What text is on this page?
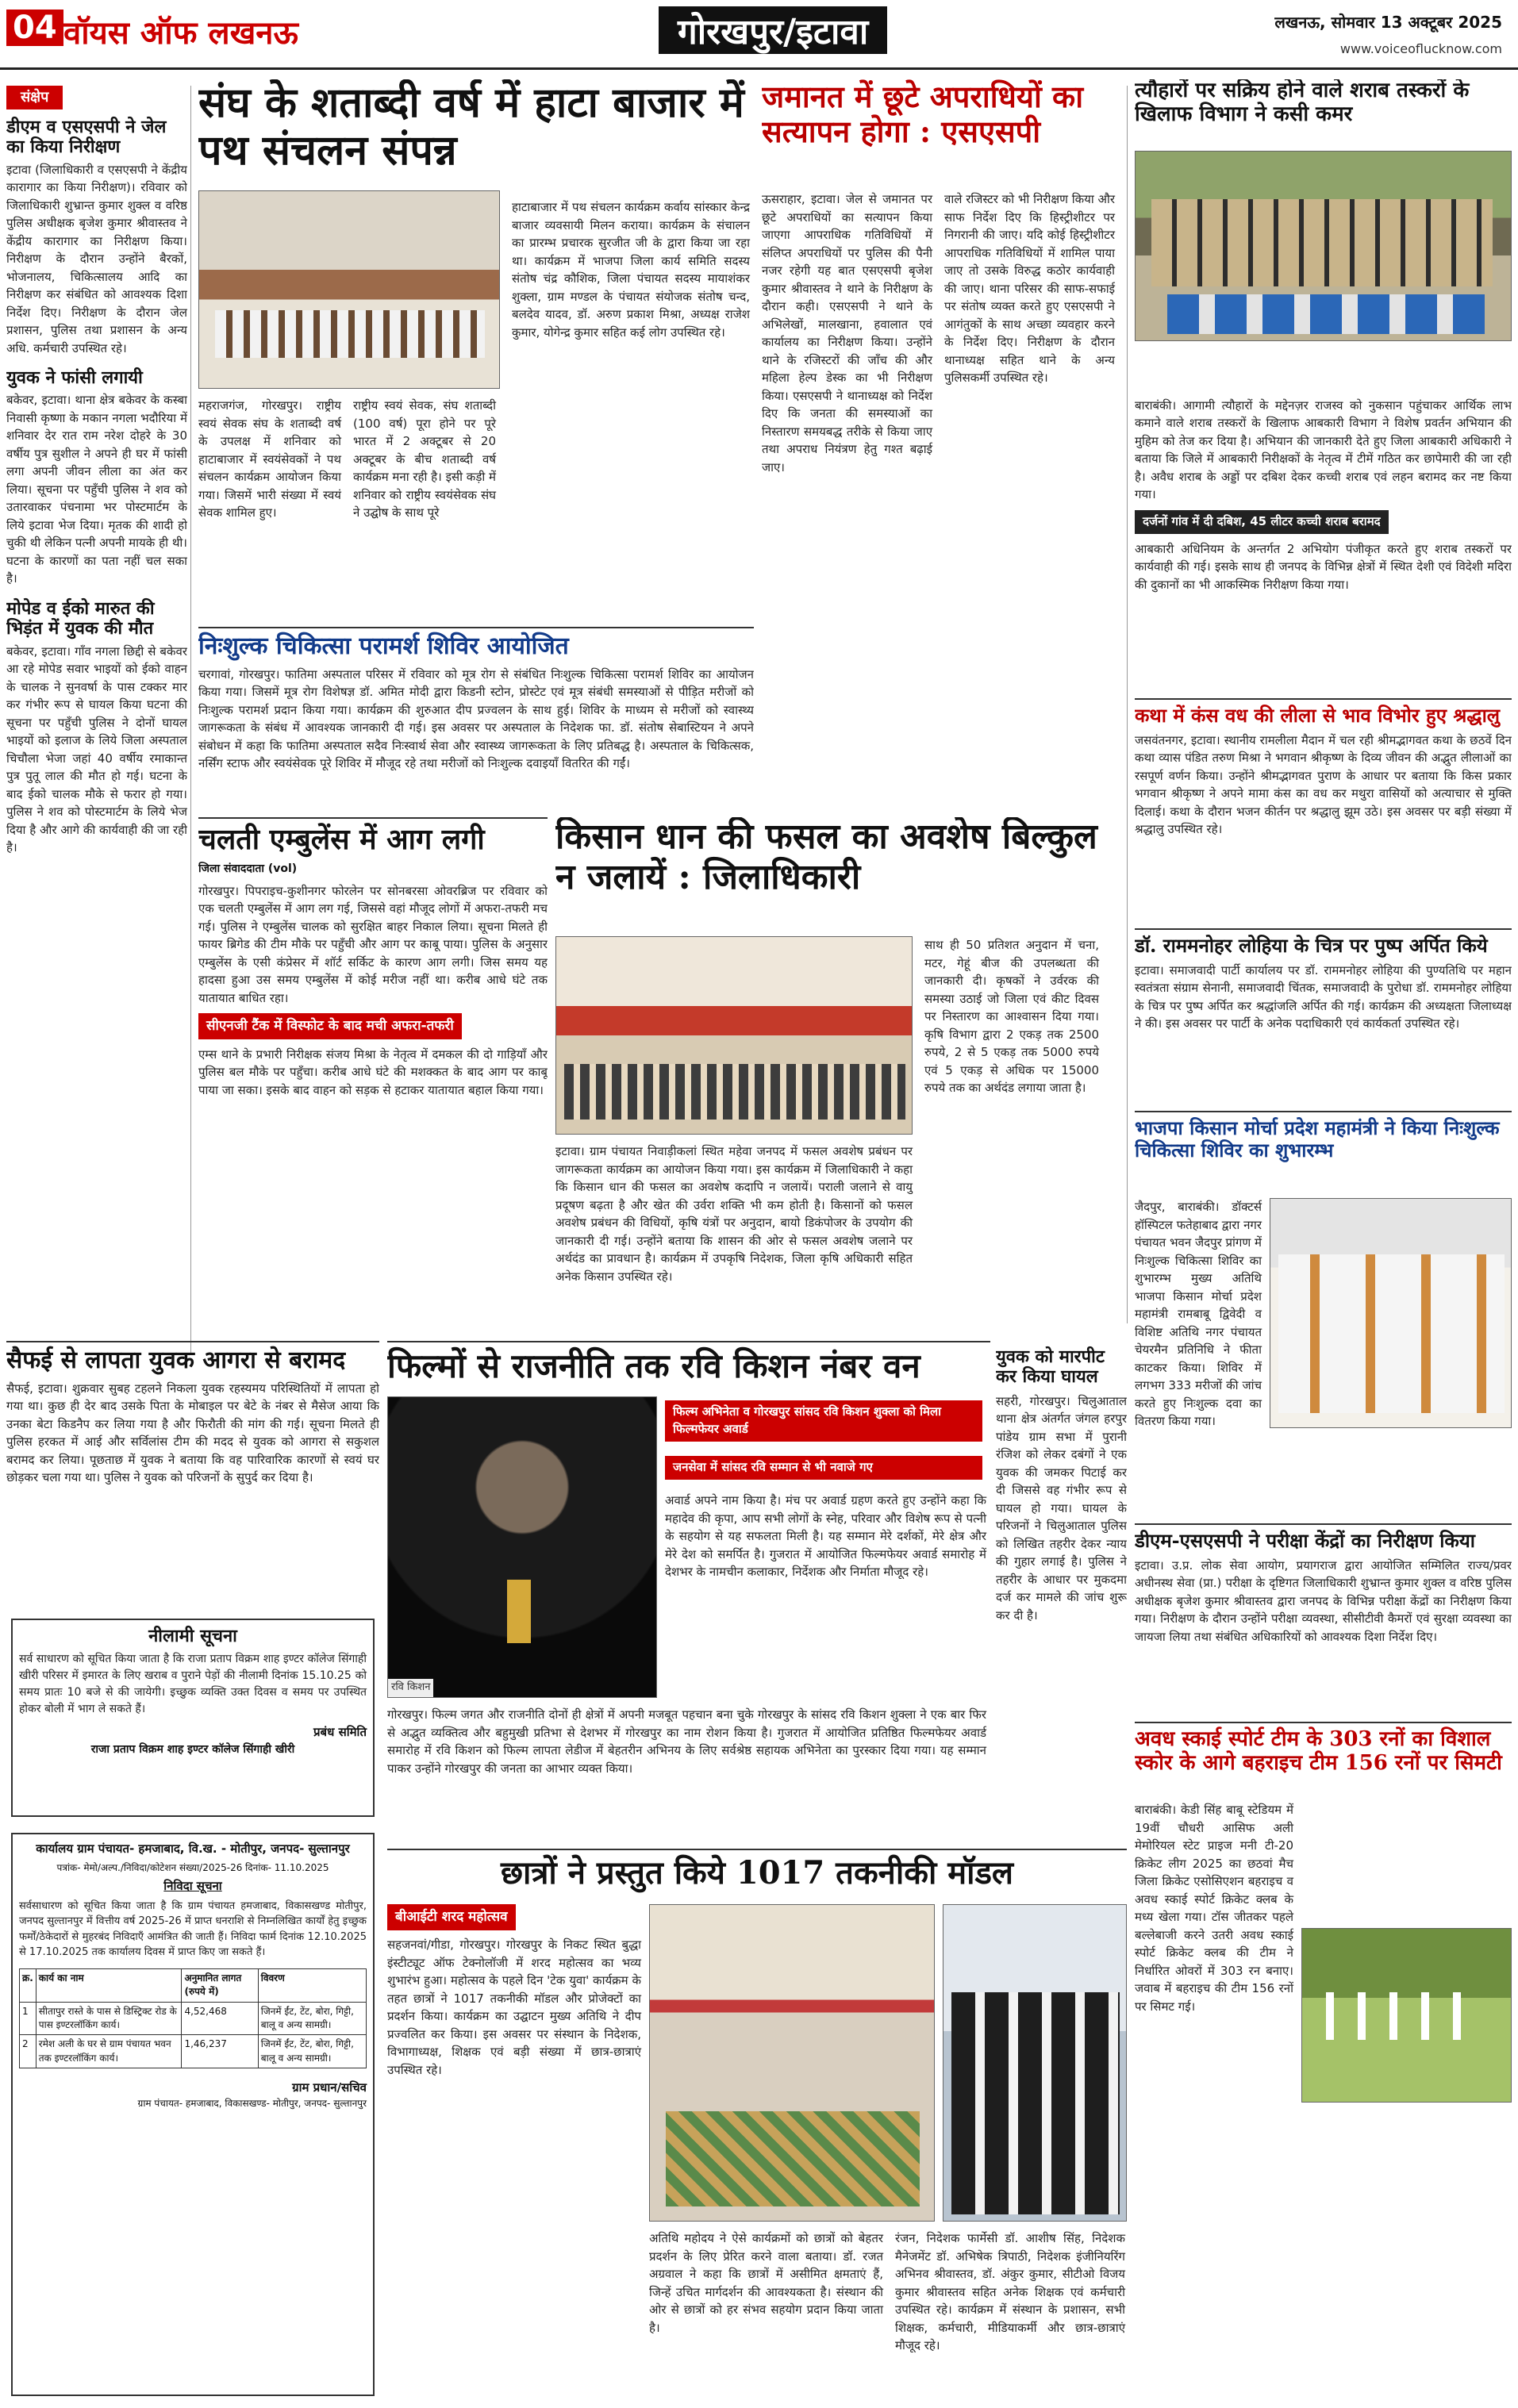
04 वॉयस ऑफ लखनऊ	गोरखपुर/इटावा	लखनऊ, सोमवार 13 अक्टूबर 2025
www.voiceoflucknow.com
संक्षेप
डीएम व एसएसपी ने जेल का किया निरीक्षण
इटावा (जिलाधिकारी व एसएसपी ने केंद्रीय कारागार का किया निरीक्षण)। रविवार को जिलाधिकारी शुभ्रान्त कुमार शुक्ल व वरिष्ठ पुलिस अधीक्षक बृजेश कुमार श्रीवास्तव ने केंद्रीय कारागार का निरीक्षण किया। निरीक्षण के दौरान उन्होंने बैरकों, भोजनालय, चिकित्सालय आदि का निरीक्षण कर संबंधित को आवश्यक दिशा निर्देश दिए। निरीक्षण के दौरान जेल प्रशासन, पुलिस तथा प्रशासन के अन्य अधि. कर्मचारी उपस्थित रहे।
युवक ने फांसी लगायी
बकेवर, इटावा। थाना क्षेत्र बकेवर के कस्बा निवासी कृष्णा के मकान नगला भदौरिया में शनिवार देर रात राम नरेश दोहरे के 30 वर्षीय पुत्र सुशील ने अपने ही घर में फांसी लगा अपनी जीवन लीला का अंत कर लिया। सूचना पर पहुँची पुलिस ने शव को उतारवाकर पंचनामा भर पोस्टमार्टम के लिये इटावा भेज दिया। मृतक की शादी हो चुकी थी लेकिन पत्नी अपनी मायके ही थी। घटना के कारणों का पता नहीं चल सका है।
मोपेड व ईको मारुत की भिड़ंत में युवक की मौत
बकेवर, इटावा। गाँव नगला छिद्दी से बकेवर आ रहे मोपेड सवार भाइयों को ईको वाहन के चालक ने सुनवर्षा के पास टक्कर मार कर गंभीर रूप से घायल किया घटना की सूचना पर पहुँची पुलिस ने दोनों घायल भाइयों को इलाज के लिये जिला अस्पताल चिचौला भेजा जहां 40 वर्षीय रमाकान्त पुत्र पुतू लाल की मौत हो गई। घटना के बाद ईको चालक मौके से फरार हो गया। पुलिस ने शव को पोस्टमार्टम के लिये भेज दिया है और आगे की कार्यवाही की जा रही है।
संघ के शताब्दी वर्ष में हाटा बाजार में पथ संचलन संपन्न
महराजगंज, गोरखपुर। राष्ट्रीय स्वयं सेवक संघ के शताब्दी वर्ष के उपलक्ष में शनिवार को हाटाबाजार में स्वयंसेवकों ने पथ संचलन कार्यक्रम आयोजन किया गया। जिसमें भारी संख्या में स्वयं सेवक शामिल हुए।
राष्ट्रीय स्वयं सेवक, संघ शताब्दी (100 वर्ष) पूरा होने पर पूरे भारत में 2 अक्टूबर से 20 अक्टूबर के बीच शताब्दी वर्ष कार्यक्रम मना रही है। इसी कड़ी में शनिवार को राष्ट्रीय स्वयंसेवक संघ ने उद्घोष के साथ पूरे
हाटाबाजार में पथ संचलन कार्यक्रम कर्वाय सांस्कार केन्द्र बाजार व्यवसायी मिलन कराया। कार्यक्रम के संचालन का प्रारम्भ प्रचारक सुरजीत जी के द्वारा किया जा रहा था। कार्यक्रम में भाजपा जिला कार्य समिति सदस्य संतोष चंद्र कौशिक, जिला पंचायत सदस्य मायाशंकर शुक्ला, ग्राम मण्डल के पंचायत संयोजक संतोष चन्द, बलदेव यादव, डॉ. अरुण प्रकाश मिश्रा, अध्यक्ष राजेश कुमार, योगेन्द्र कुमार सहित कई लोग उपस्थित रहे।
निःशुल्क चिकित्सा परामर्श शिविर आयोजित
चरगावां, गोरखपुर। फातिमा अस्पताल परिसर में रविवार को मूत्र रोग से संबंधित निःशुल्क चिकित्सा परामर्श शिविर का आयोजन किया गया। जिसमें मूत्र रोग विशेषज्ञ डॉ. अमित मोदी द्वारा किडनी स्टोन, प्रोस्टेट एवं मूत्र संबंधी समस्याओं से पीड़ित मरीजों को निःशुल्क परामर्श प्रदान किया गया। कार्यक्रम की शुरुआत दीप प्रज्वलन के साथ हुई। शिविर के माध्यम से मरीजों को स्वास्थ्य जागरूकता के संबंध में आवश्यक जानकारी दी गई। इस अवसर पर अस्पताल के निदेशक फा. डॉ. संतोष सेबास्टियन ने अपने संबोधन में कहा कि फातिमा अस्पताल सदैव निःस्वार्थ सेवा और स्वास्थ्य जागरूकता के लिए प्रतिबद्ध है। अस्पताल के चिकित्सक, नर्सिंग स्टाफ और स्वयंसेवक पूरे शिविर में मौजूद रहे तथा मरीजों को निःशुल्क दवाइयाँ वितरित की गईं।
चलती एम्बुलेंस में आग लगी
जिला संवाददाता (vol)
गोरखपुर। पिपराइच-कुशीनगर फोरलेन पर सोनबरसा ओवरब्रिज पर रविवार को एक चलती एम्बुलेंस में आग लग गई, जिससे वहां मौजूद लोगों में अफरा-तफरी मच गई। पुलिस ने एम्बुलेंस चालक को सुरक्षित बाहर निकाल लिया। सूचना मिलते ही फायर ब्रिगेड की टीम मौके पर पहुँची और आग पर काबू पाया। पुलिस के अनुसार एम्बुलेंस के एसी कंप्रेसर में शॉर्ट सर्किट के कारण आग लगी। जिस समय यह हादसा हुआ उस समय एम्बुलेंस में कोई मरीज नहीं था। करीब आधे घंटे तक यातायात बाधित रहा।
सीएनजी टैंक में विस्फोट के बाद मची अफरा-तफरी
एम्स थाने के प्रभारी निरीक्षक संजय मिश्रा के नेतृत्व में दमकल की दो गाड़ियाँ और पुलिस बल मौके पर पहुँचा। करीब आधे घंटे की मशक्कत के बाद आग पर काबू पाया जा सका। इसके बाद वाहन को सड़क से हटाकर यातायात बहाल किया गया।
किसान धान की फसल का अवशेष बिल्कुल न जलायें : जिलाधिकारी
इटावा। ग्राम पंचायत निवाड़ीकलां स्थित महेवा जनपद में फसल अवशेष प्रबंधन पर जागरूकता कार्यक्रम का आयोजन किया गया। इस कार्यक्रम में जिलाधिकारी ने कहा कि किसान धान की फसल का अवशेष कदापि न जलायें। पराली जलाने से वायु प्रदूषण बढ़ता है और खेत की उर्वरा शक्ति भी कम होती है। किसानों को फसल अवशेष प्रबंधन की विधियों, कृषि यंत्रों पर अनुदान, बायो डिकंपोजर के उपयोग की जानकारी दी गई। उन्होंने बताया कि शासन की ओर से फसल अवशेष जलाने पर अर्थदंड का प्रावधान है। कार्यक्रम में उपकृषि निदेशक, जिला कृषि अधिकारी सहित अनेक किसान उपस्थित रहे।
साथ ही 50 प्रतिशत अनुदान में चना, मटर, गेहूं बीज की उपलब्धता की जानकारी दी। कृषकों ने उर्वरक की समस्या उठाई जो जिला एवं कीट दिवस पर निस्तारण का आश्वासन दिया गया। कृषि विभाग द्वारा 2 एकड़ तक 2500 रुपये, 2 से 5 एकड़ तक 5000 रुपये एवं 5 एकड़ से अधिक पर 15000 रुपये तक का अर्थदंड लगाया जाता है।
जमानत में छूटे अपराधियों का सत्यापन होगा : एसएसपी
ऊसराहार, इटावा। जेल से जमानत पर छूटे अपराधियों का सत्यापन किया जाएगा आपराधिक गतिविधियों में संलिप्त अपराधियों पर पुलिस की पैनी नजर रहेगी यह बात एसएसपी बृजेश कुमार श्रीवास्तव ने थाने के निरीक्षण के दौरान कही। एसएसपी ने थाने के अभिलेखों, मालखाना, हवालात एवं कार्यालय का निरीक्षण किया। उन्होंने थाने के रजिस्टरों की जाँच की और महिला हेल्प डेस्क का भी निरीक्षण किया। एसएसपी ने थानाध्यक्ष को निर्देश दिए कि जनता की समस्याओं का निस्तारण समयबद्ध तरीके से किया जाए तथा अपराध नियंत्रण हेतु गश्त बढ़ाई जाए।
वाले रजिस्टर को भी निरीक्षण किया और साफ निर्देश दिए कि हिस्ट्रीशीटर पर निगरानी की जाए। यदि कोई हिस्ट्रीशीटर आपराधिक गतिविधियों में शामिल पाया जाए तो उसके विरुद्ध कठोर कार्यवाही की जाए। थाना परिसर की साफ-सफाई पर संतोष व्यक्त करते हुए एसएसपी ने आगंतुकों के साथ अच्छा व्यवहार करने के निर्देश दिए। निरीक्षण के दौरान थानाध्यक्ष सहित थाने के अन्य पुलिसकर्मी उपस्थित रहे।
त्यौहारों पर सक्रिय होने वाले शराब तस्करों के खिलाफ विभाग ने कसी कमर
बाराबंकी। आगामी त्यौहारों के मद्देनज़र राजस्व को नुकसान पहुंचाकर आर्थिक लाभ कमाने वाले शराब तस्करों के खिलाफ आबकारी विभाग ने विशेष प्रवर्तन अभियान की मुहिम को तेज कर दिया है। अभियान की जानकारी देते हुए जिला आबकारी अधिकारी ने बताया कि जिले में आबकारी निरीक्षकों के नेतृत्व में टीमें गठित कर छापेमारी की जा रही है। अवैध शराब के अड्डों पर दबिश देकर कच्ची शराब एवं लहन बरामद कर नष्ट किया गया।
दर्जनों गांव में दी दबिश, 45 लीटर कच्ची शराब बरामद
आबकारी अधिनियम के अन्तर्गत 2 अभियोग पंजीकृत करते हुए शराब तस्करों पर कार्यवाही की गई। इसके साथ ही जनपद के विभिन्न क्षेत्रों में स्थित देशी एवं विदेशी मदिरा की दुकानों का भी आकस्मिक निरीक्षण किया गया।
कथा में कंस वध की लीला से भाव विभोर हुए श्रद्धालु
जसवंतनगर, इटावा। स्थानीय रामलीला मैदान में चल रही श्रीमद्भागवत कथा के छठवें दिन कथा व्यास पंडित तरुण मिश्रा ने भगवान श्रीकृष्ण के दिव्य जीवन की अद्भुत लीलाओं का रसपूर्ण वर्णन किया। उन्होंने श्रीमद्भागवत पुराण के आधार पर बताया कि किस प्रकार भगवान श्रीकृष्ण ने अपने मामा कंस का वध कर मथुरा वासियों को अत्याचार से मुक्ति दिलाई। कथा के दौरान भजन कीर्तन पर श्रद्धालु झूम उठे। इस अवसर पर बड़ी संख्या में श्रद्धालु उपस्थित रहे।
डॉ. राममनोहर लोहिया के चित्र पर पुष्प अर्पित किये
इटावा। समाजवादी पार्टी कार्यालय पर डॉ. राममनोहर लोहिया की पुण्यतिथि पर महान स्वतंत्रता संग्राम सेनानी, समाजवादी चिंतक, समाजवादी के पुरोधा डॉ. राममनोहर लोहिया के चित्र पर पुष्प अर्पित कर श्रद्धांजलि अर्पित की गई। कार्यक्रम की अध्यक्षता जिलाध्यक्ष ने की। इस अवसर पर पार्टी के अनेक पदाधिकारी एवं कार्यकर्ता उपस्थित रहे।
भाजपा किसान मोर्चा प्रदेश महामंत्री ने किया निःशुल्क चिकित्सा शिविर का शुभारम्भ
जैदपुर, बाराबंकी। डॉक्टर्स हॉस्पिटल फतेहाबाद द्वारा नगर पंचायत भवन जैदपुर प्रांगण में निःशुल्क चिकित्सा शिविर का शुभारम्भ मुख्य अतिथि भाजपा किसान मोर्चा प्रदेश महामंत्री रामबाबू द्विवेदी व विशिष्ट अतिथि नगर पंचायत चेयरमैन प्रतिनिधि ने फीता काटकर किया। शिविर में लगभग 333 मरीजों की जांच करते हुए निःशुल्क दवा का वितरण किया गया।
डीएम-एसएसपी ने परीक्षा केंद्रों का निरीक्षण किया
इटावा। उ.प्र. लोक सेवा आयोग, प्रयागराज द्वारा आयोजित सम्मिलित राज्य/प्रवर अधीनस्थ सेवा (प्रा.) परीक्षा के दृष्टिगत जिलाधिकारी शुभ्रान्त कुमार शुक्ल व वरिष्ठ पुलिस अधीक्षक बृजेश कुमार श्रीवास्तव द्वारा जनपद के विभिन्न परीक्षा केंद्रों का निरीक्षण किया गया। निरीक्षण के दौरान उन्होंने परीक्षा व्यवस्था, सीसीटीवी कैमरों एवं सुरक्षा व्यवस्था का जायजा लिया तथा संबंधित अधिकारियों को आवश्यक दिशा निर्देश दिए।
अवध स्काई स्पोर्ट टीम के 303 रनों का विशाल स्कोर के आगे बहराइच टीम 156 रनों पर सिमटी
बाराबंकी। केडी सिंह बाबू स्टेडियम में 19वीं चौधरी आसिफ अली मेमोरियल स्टेट प्राइज मनी टी-20 क्रिकेट लीग 2025 का छठवां मैच जिला क्रिकेट एसोसिएशन बहराइच व अवध स्काई स्पोर्ट क्रिकेट क्लब के मध्य खेला गया। टॉस जीतकर पहले बल्लेबाजी करने उतरी अवध स्काई स्पोर्ट क्रिकेट क्लब की टीम ने निर्धारित ओवरों में 303 रन बनाए। जवाब में बहराइच की टीम 156 रनों पर सिमट गई।
सैफई से लापता युवक आगरा से बरामद
सैफई, इटावा। शुक्रवार सुबह टहलने निकला युवक रहस्यमय परिस्थितियों में लापता हो गया था। कुछ ही देर बाद उसके पिता के मोबाइल पर बेटे के नंबर से मैसेज आया कि उनका बेटा किडनैप कर लिया गया है और फिरौती की मांग की गई। सूचना मिलते ही पुलिस हरकत में आई और सर्विलांस टीम की मदद से युवक को आगरा से सकुशल बरामद कर लिया। पूछताछ में युवक ने बताया कि वह पारिवारिक कारणों से स्वयं घर छोड़कर चला गया था। पुलिस ने युवक को परिजनों के सुपुर्द कर दिया है।
नीलामी सूचना
सर्व साधारण को सूचित किया जाता है कि राजा प्रताप विक्रम शाह इण्टर कॉलेज सिंगाही खीरी परिसर में इमारत के लिए खराब व पुराने पेड़ों की नीलामी दिनांक 15.10.25 को समय प्रातः 10 बजे से की जायेगी। इच्छुक व्यक्ति उक्त दिवस व समय पर उपस्थित होकर बोली में भाग ले सकते हैं।
प्रबंध समिति
राजा प्रताप विक्रम शाह इण्टर कॉलेज सिंगाही खीरी
कार्यालय ग्राम पंचायत- हमजाबाद, वि.ख. - मोतीपुर, जनपद- सुल्तानपुर
पत्रांक- मेमो/अल्प./निविदा/कोटेशन संख्या/2025-26 दिनांक- 11.10.2025
निविदा सूचना
सर्वसाधारण को सूचित किया जाता है कि ग्राम पंचायत हमजाबाद, विकासखण्ड मोतीपुर, जनपद सुल्तानपुर में वित्तीय वर्ष 2025-26 में प्राप्त धनराशि से निम्नलिखित कार्यों हेतु इच्छुक फर्मों/ठेकेदारों से मुहरबंद निविदाएँ आमंत्रित की जाती हैं। निविदा फार्म दिनांक 12.10.2025 से 17.10.2025 तक कार्यालय दिवस में प्राप्त किए जा सकते हैं।
क्र.	कार्य का नाम	अनुमानित लागत (रुपये में)	विवरण
1	सीतापुर रास्ते के पास से डिस्ट्रिक्ट रोड के पास इण्टरलॉकिंग कार्य।	4,52,468	जिनमें ईंट, टेंट, बोरा, गिट्टी, बालू व अन्य सामग्री।
2	रमेश अली के घर से ग्राम पंचायत भवन तक इण्टरलॉकिंग कार्य।	1,46,237	जिनमें ईंट, टेंट, बोरा, गिट्टी, बालू व अन्य सामग्री।
ग्राम प्रधान/सचिव
ग्राम पंचायत- हमजाबाद, विकासखण्ड- मोतीपुर, जनपद- सुल्तानपुर
फिल्मों से राजनीति तक रवि किशन नंबर वन
रवि किशन
फिल्म अभिनेता व गोरखपुर सांसद रवि किशन शुक्ला को मिला फिल्मफेयर अवार्ड
जनसेवा में सांसद रवि सम्मान से भी नवाजे गए
अवार्ड अपने नाम किया है। मंच पर अवार्ड ग्रहण करते हुए उन्होंने कहा कि महादेव की कृपा, आप सभी लोगों के स्नेह, परिवार और विशेष रूप से पत्नी के सहयोग से यह सफलता मिली है। यह सम्मान मेरे दर्शकों, मेरे क्षेत्र और मेरे देश को समर्पित है। गुजरात में आयोजित फिल्मफेयर अवार्ड समारोह में देशभर के नामचीन कलाकार, निर्देशक और निर्माता मौजूद रहे।
गोरखपुर। फिल्म जगत और राजनीति दोनों ही क्षेत्रों में अपनी मजबूत पहचान बना चुके गोरखपुर के सांसद रवि किशन शुक्ला ने एक बार फिर से अद्भुत व्यक्तित्व और बहुमुखी प्रतिभा से देशभर में गोरखपुर का नाम रोशन किया है। गुजरात में आयोजित प्रतिष्ठित फिल्मफेयर अवार्ड समारोह में रवि किशन को फिल्म लापता लेडीज में बेहतरीन अभिनय के लिए सर्वश्रेष्ठ सहायक अभिनेता का पुरस्कार दिया गया। यह सम्मान पाकर उन्होंने गोरखपुर की जनता का आभार व्यक्त किया।
युवक को मारपीट कर किया घायल
सहरी, गोरखपुर। चिलुआताल थाना क्षेत्र अंतर्गत जंगल हरपुर पांडेय ग्राम सभा में पुरानी रंजिश को लेकर दबंगों ने एक युवक की जमकर पिटाई कर दी जिससे वह गंभीर रूप से घायल हो गया। घायल के परिजनों ने चिलुआताल पुलिस को लिखित तहरीर देकर न्याय की गुहार लगाई है। पुलिस ने तहरीर के आधार पर मुकदमा दर्ज कर मामले की जांच शुरू कर दी है।
छात्रों ने प्रस्तुत किये 1017 तकनीकी मॉडल
बीआईटी शरद महोत्सव
सहजनवां/गीडा, गोरखपुर। गोरखपुर के निकट स्थित बुद्धा इंस्टीट्यूट ऑफ टेक्नोलॉजी में शरद महोत्सव का भव्य शुभारंभ हुआ। महोत्सव के पहले दिन 'टेक युवा' कार्यक्रम के तहत छात्रों ने 1017 तकनीकी मॉडल और प्रोजेक्टों का प्रदर्शन किया। कार्यक्रम का उद्घाटन मुख्य अतिथि ने दीप प्रज्वलित कर किया। इस अवसर पर संस्थान के निदेशक, विभागाध्यक्ष, शिक्षक एवं बड़ी संख्या में छात्र-छात्राएं उपस्थित रहे।
अतिथि महोदय ने ऐसे कार्यक्रमों को छात्रों को बेहतर प्रदर्शन के लिए प्रेरित करने वाला बताया। डॉ. रजत अग्रवाल ने कहा कि छात्रों में असीमित क्षमताएं हैं, जिन्हें उचित मार्गदर्शन की आवश्यकता है। संस्थान की ओर से छात्रों को हर संभव सहयोग प्रदान किया जाता है।
रंजन, निदेशक फार्मेसी डॉ. आशीष सिंह, निदेशक मैनेजमेंट डॉ. अभिषेक त्रिपाठी, निदेशक इंजीनियरिंग अभिनव श्रीवास्तव, डॉ. अंकुर कुमार, सीटीओ विजय कुमार श्रीवास्तव सहित अनेक शिक्षक एवं कर्मचारी उपस्थित रहे। कार्यक्रम में संस्थान के प्रशासन, सभी शिक्षक, कर्मचारी, मीडियाकर्मी और छात्र-छात्राएं मौजूद रहे।
